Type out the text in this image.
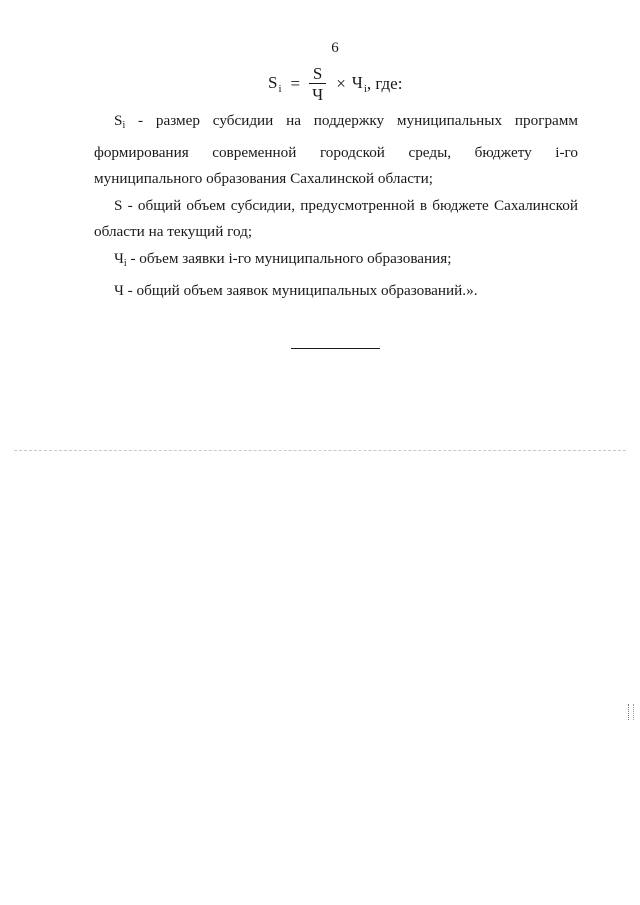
6
$S_i = \frac{S}{Ч} \times Ч_i$ , где:

$S_i$ - размер субсидии на поддержку муниципальных программ формирования современной городской среды, бюджету i-го муниципального образования Сахалинской области;

S - общий объем субсидии, предусмотренной в бюджете Сахалинской области на текущий год;

$Ч_i$ - объем заявки i-го муниципального образования;

Ч - общий объем заявок муниципальных образований.».
